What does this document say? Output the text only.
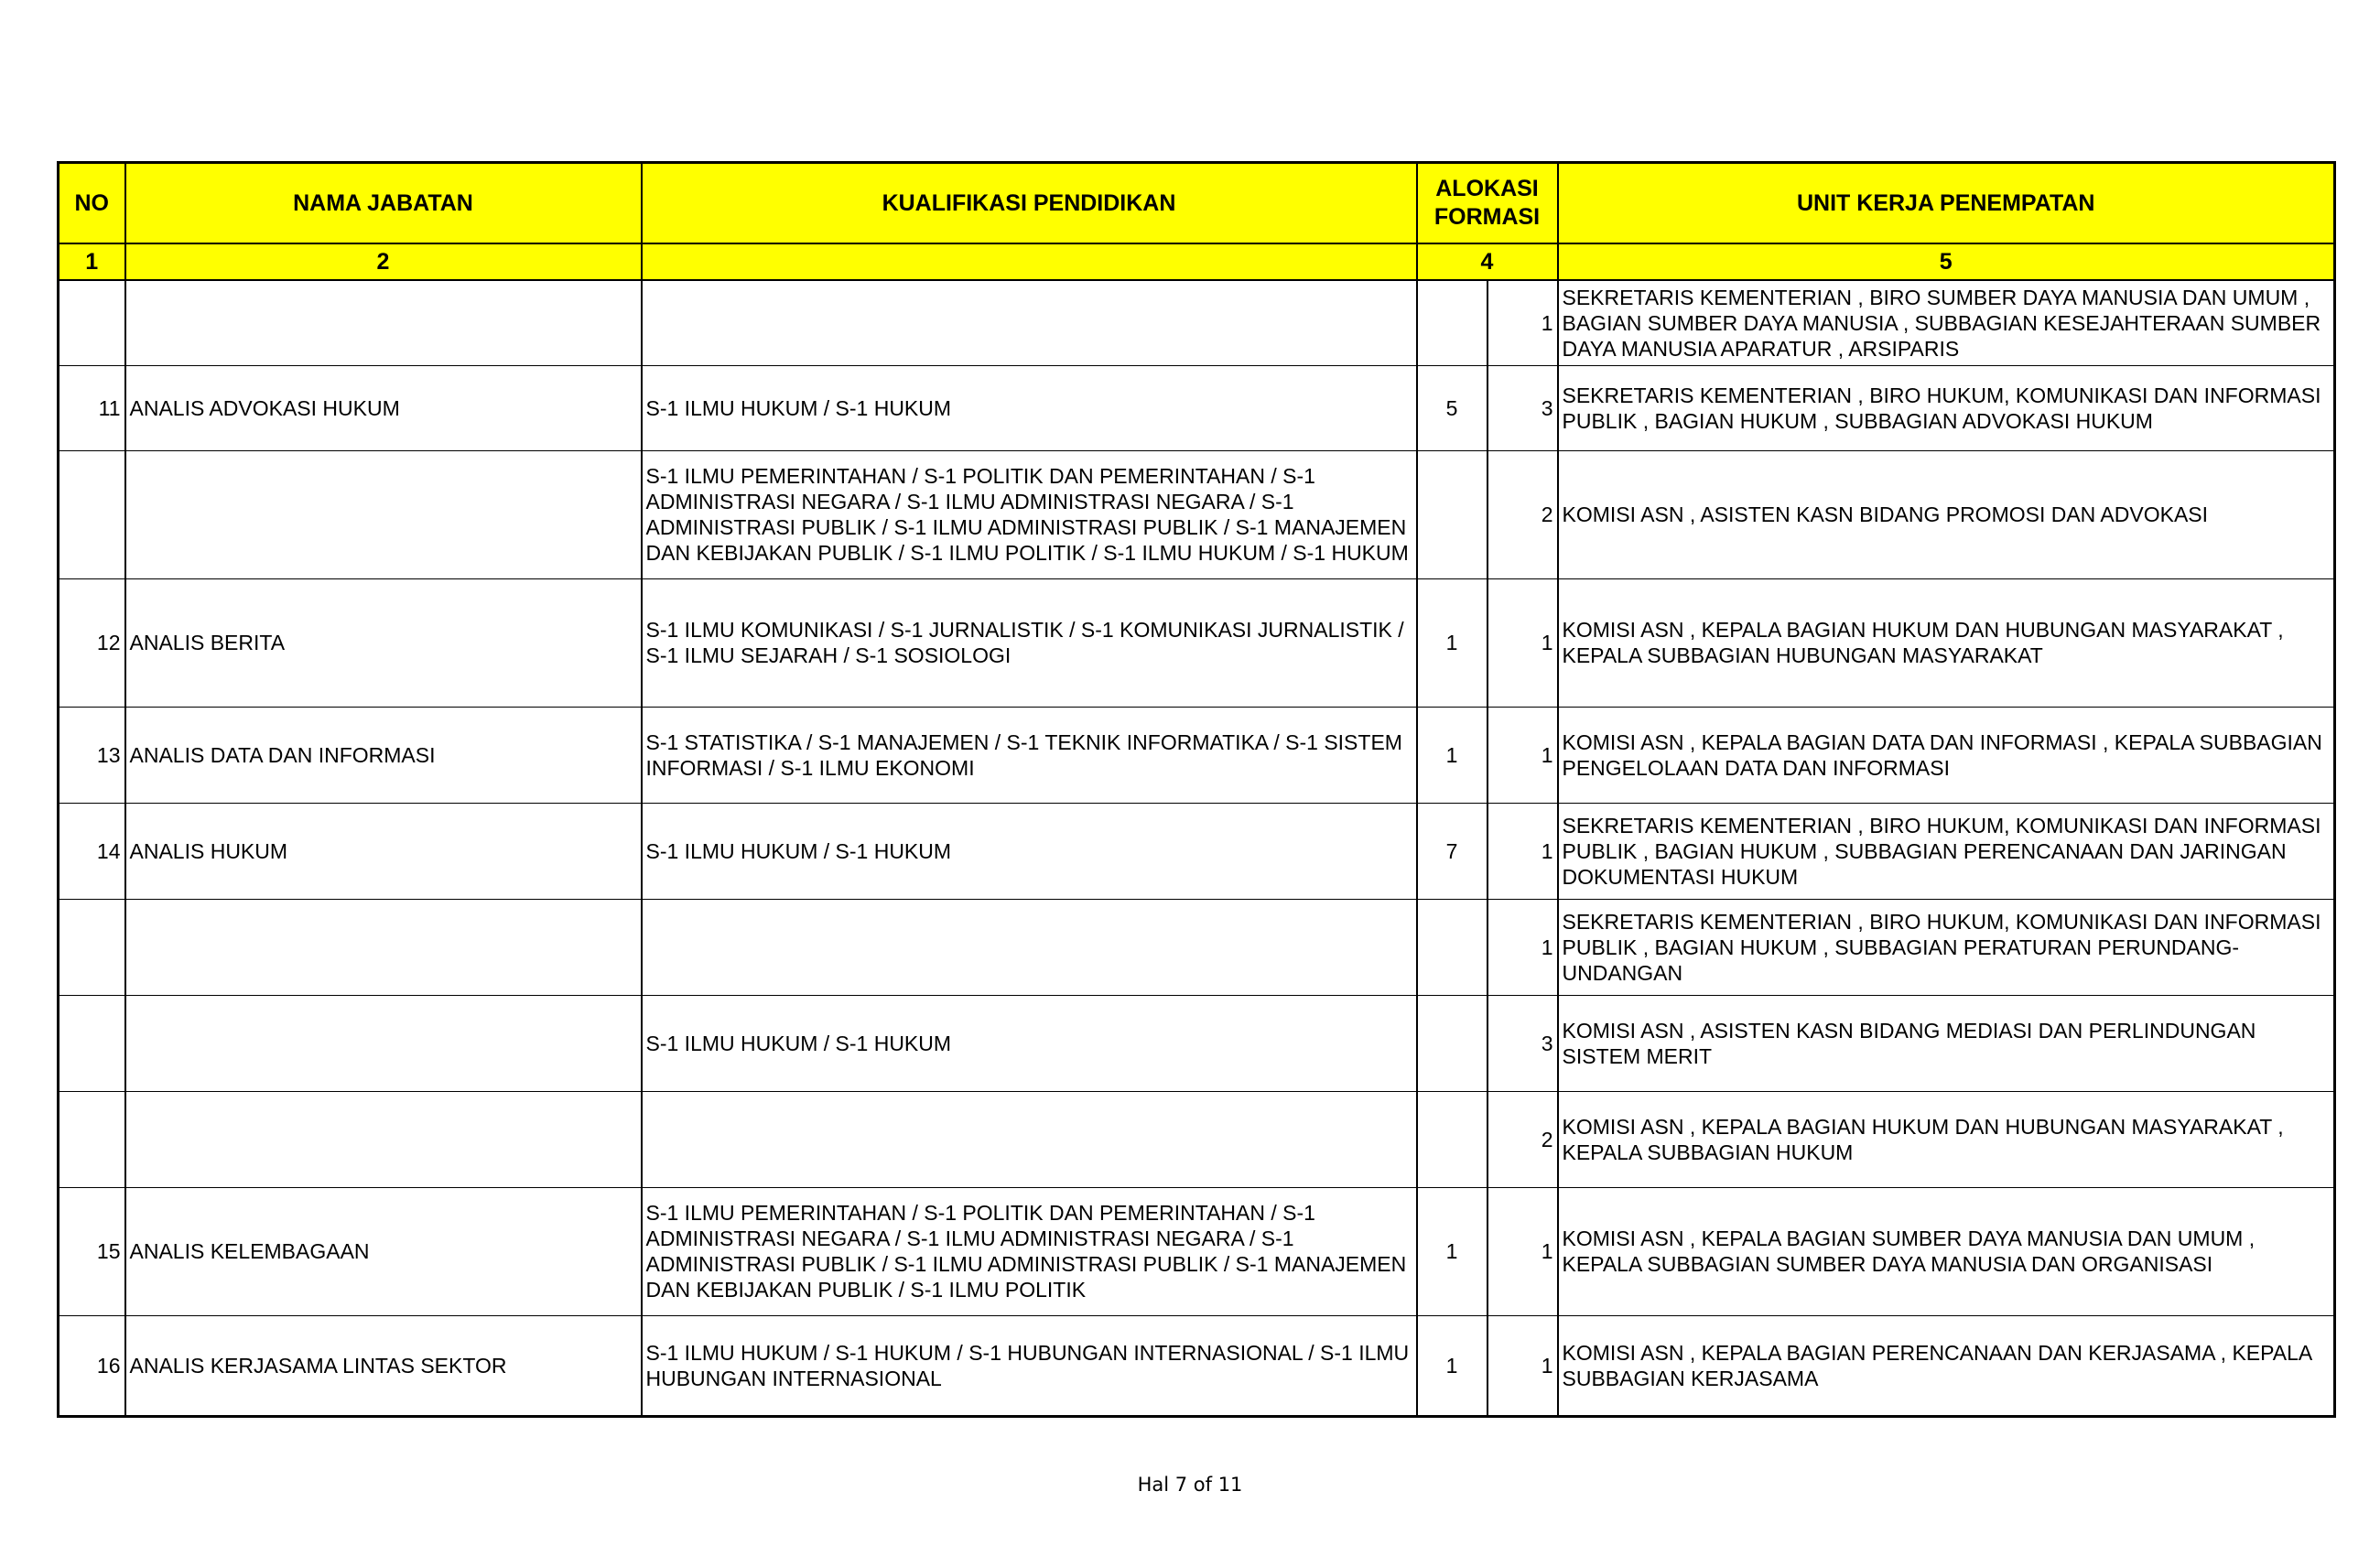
NO	NAMA JABATAN	KUALIFIKASI PENDIDIKAN	ALOKASI FORMASI		UNIT KERJA PENEMPATAN
1	2		4		5
				1	SEKRETARIS KEMENTERIAN , BIRO SUMBER DAYA MANUSIA DAN UMUM , BAGIAN SUMBER DAYA MANUSIA , SUBBAGIAN KESEJAHTERAAN SUMBER DAYA MANUSIA APARATUR , ARSIPARIS
11	ANALIS ADVOKASI HUKUM	S-1 ILMU HUKUM / S-1 HUKUM	5	3	SEKRETARIS KEMENTERIAN , BIRO HUKUM, KOMUNIKASI DAN INFORMASI PUBLIK , BAGIAN HUKUM , SUBBAGIAN ADVOKASI HUKUM
		S-1 ILMU PEMERINTAHAN / S-1 POLITIK DAN PEMERINTAHAN / S-1 ADMINISTRASI NEGARA / S-1 ILMU ADMINISTRASI NEGARA / S-1 ADMINISTRASI PUBLIK / S-1 ILMU ADMINISTRASI PUBLIK / S-1 MANAJEMEN DAN KEBIJAKAN PUBLIK / S-1 ILMU POLITIK / S-1 ILMU HUKUM / S-1 HUKUM		2	KOMISI ASN , ASISTEN KASN BIDANG PROMOSI DAN ADVOKASI
12	ANALIS BERITA	S-1 ILMU KOMUNIKASI / S-1 JURNALISTIK / S-1 KOMUNIKASI JURNALISTIK / S-1 ILMU SEJARAH / S-1 SOSIOLOGI	1	1	KOMISI ASN , KEPALA BAGIAN HUKUM DAN HUBUNGAN MASYARAKAT , KEPALA SUBBAGIAN HUBUNGAN MASYARAKAT
13	ANALIS DATA DAN INFORMASI	S-1 STATISTIKA / S-1 MANAJEMEN / S-1 TEKNIK INFORMATIKA / S-1 SISTEM INFORMASI / S-1 ILMU EKONOMI	1	1	KOMISI ASN , KEPALA BAGIAN DATA DAN INFORMASI , KEPALA SUBBAGIAN PENGELOLAAN DATA DAN INFORMASI
14	ANALIS HUKUM	S-1 ILMU HUKUM / S-1 HUKUM	7	1	SEKRETARIS KEMENTERIAN , BIRO HUKUM, KOMUNIKASI DAN INFORMASI PUBLIK , BAGIAN HUKUM , SUBBAGIAN PERENCANAAN DAN JARINGAN DOKUMENTASI HUKUM
				1	SEKRETARIS KEMENTERIAN , BIRO HUKUM, KOMUNIKASI DAN INFORMASI PUBLIK , BAGIAN HUKUM , SUBBAGIAN PERATURAN PERUNDANG-UNDANGAN
		S-1 ILMU HUKUM / S-1 HUKUM		3	KOMISI ASN , ASISTEN KASN BIDANG MEDIASI DAN PERLINDUNGAN SISTEM MERIT
				2	KOMISI ASN , KEPALA BAGIAN HUKUM DAN HUBUNGAN MASYARAKAT , KEPALA SUBBAGIAN HUKUM
15	ANALIS KELEMBAGAAN	S-1 ILMU PEMERINTAHAN / S-1 POLITIK DAN PEMERINTAHAN / S-1 ADMINISTRASI NEGARA / S-1 ILMU ADMINISTRASI NEGARA / S-1 ADMINISTRASI PUBLIK / S-1 ILMU ADMINISTRASI PUBLIK / S-1 MANAJEMEN DAN KEBIJAKAN PUBLIK / S-1 ILMU POLITIK	1	1	KOMISI ASN , KEPALA BAGIAN SUMBER DAYA MANUSIA DAN UMUM , KEPALA SUBBAGIAN SUMBER DAYA MANUSIA DAN ORGANISASI
16	ANALIS KERJASAMA LINTAS SEKTOR	S-1 ILMU HUKUM / S-1 HUKUM / S-1 HUBUNGAN INTERNASIONAL / S-1 ILMU HUBUNGAN INTERNASIONAL	1	1	KOMISI ASN , KEPALA BAGIAN PERENCANAAN DAN KERJASAMA , KEPALA SUBBAGIAN KERJASAMA
Hal 7 of 11
